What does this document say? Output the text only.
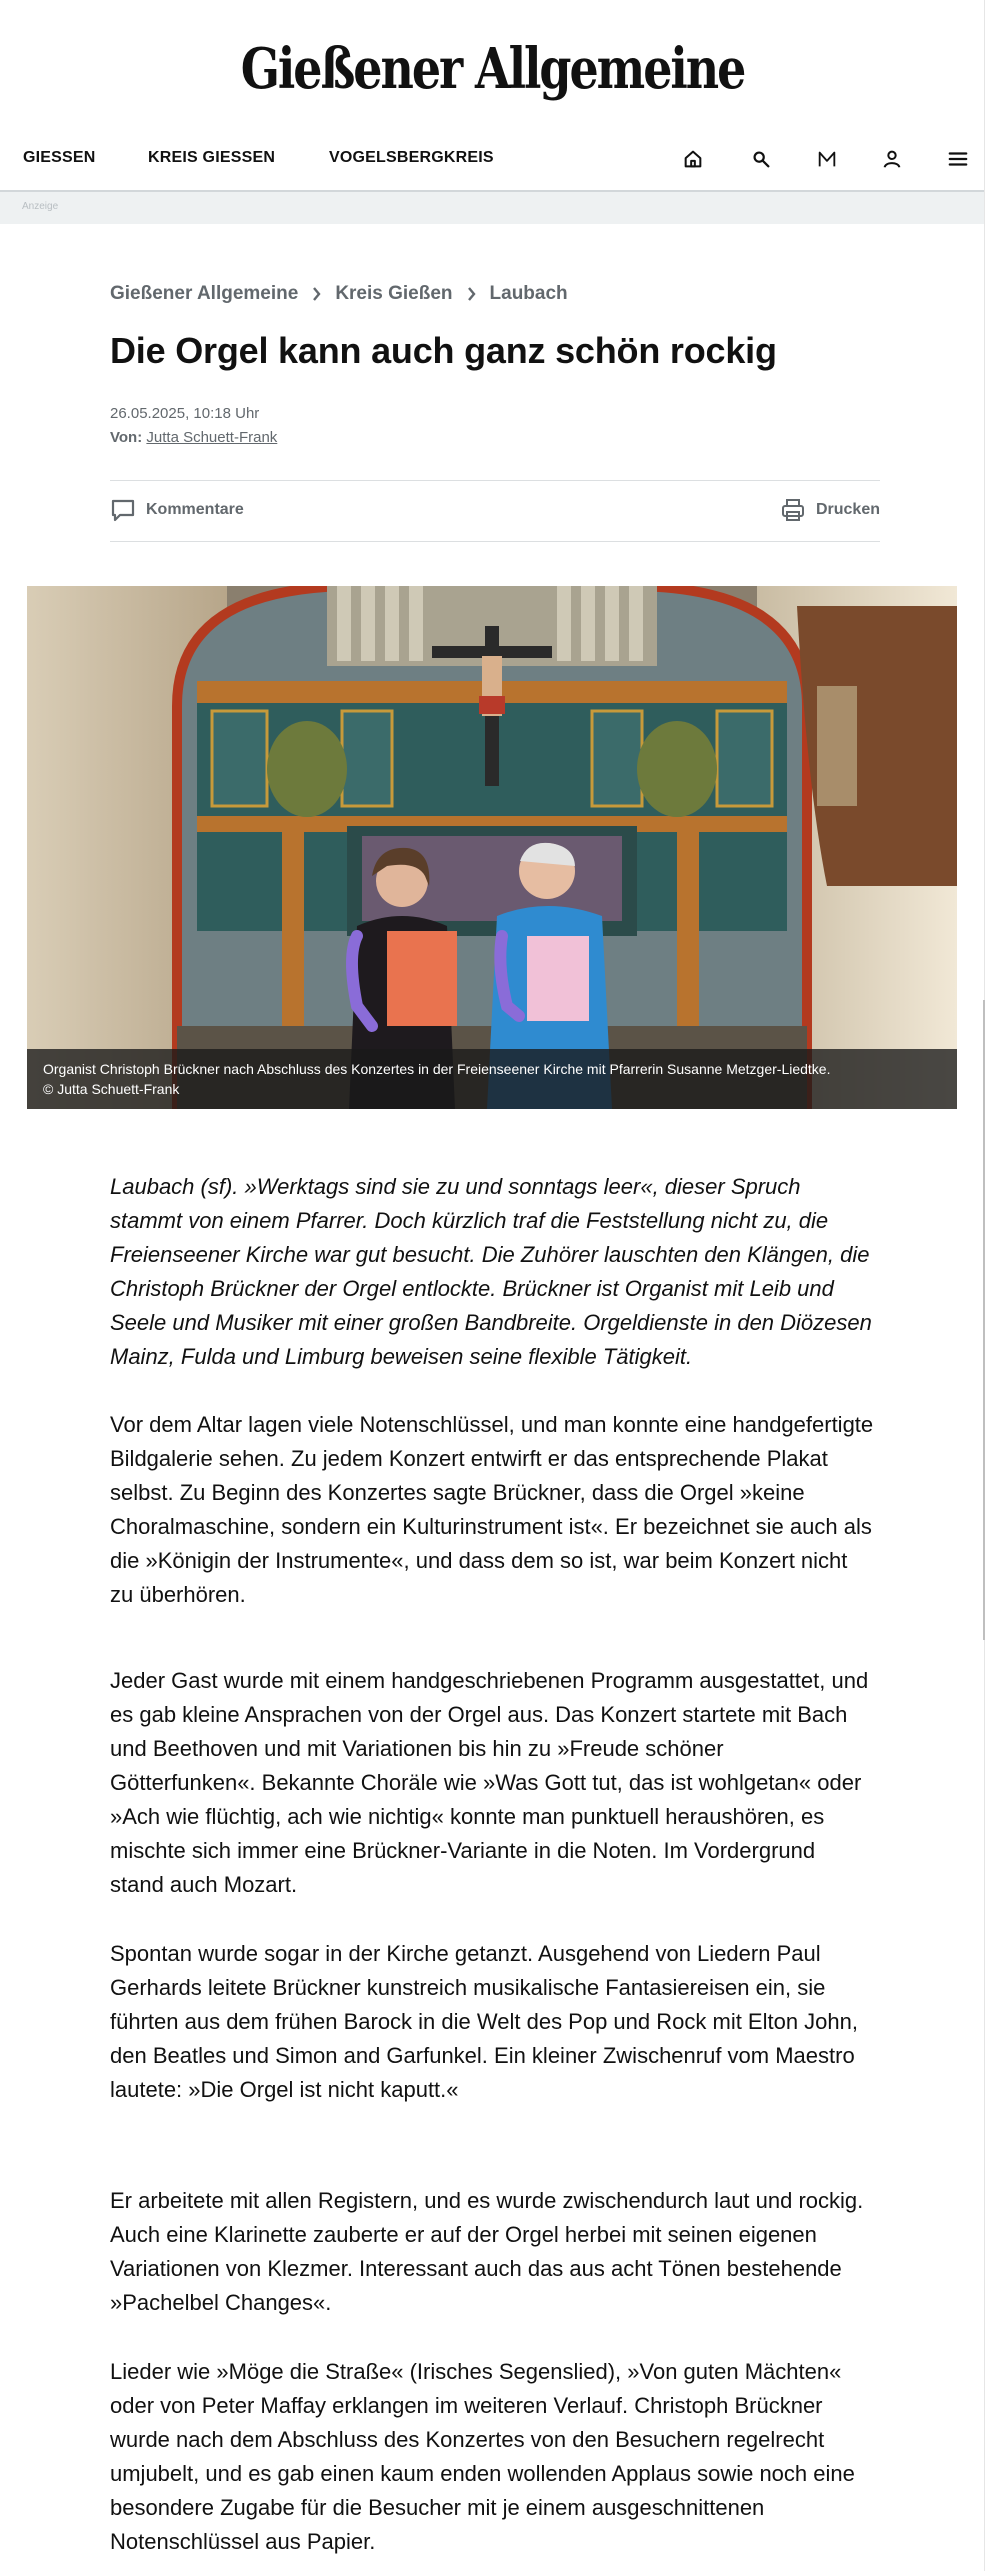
Gießener Allgemeine
GIESSEN	KREIS GIESSEN	VOGELSBERGKREIS
Anzeige
Gießener Allgemeine Kreis Gießen Laubach
Die Orgel kann auch ganz schön rockig
26.05.2025, 10:18 Uhr
Von: Jutta Schuett-Frank
Kommentare	Drucken
Organist Christoph Brückner nach Abschluss des Konzertes in der Freienseener Kirche mit Pfarrerin Susanne Metzger-Liedtke.
© Jutta Schuett-Frank

Laubach (sf). »Werktags sind sie zu und sonntags leer«, dieser Spruch stammt von einem Pfarrer. Doch kürzlich traf die Feststellung nicht zu, die Freienseener Kirche war gut besucht. Die Zuhörer lauschten den Klängen, die Christoph Brückner der Orgel entlockte. Brückner ist Organist mit Leib und Seele und Musiker mit einer großen Bandbreite. Orgeldienste in den Diözesen Mainz, Fulda und Limburg beweisen seine flexible Tätigkeit.

Vor dem Altar lagen viele Notenschlüssel, und man konnte eine handgefertigte Bildgalerie sehen. Zu jedem Konzert entwirft er das entsprechende Plakat selbst. Zu Beginn des Konzertes sagte Brückner, dass die Orgel »keine Choralmaschine, sondern ein Kulturinstrument ist«. Er bezeichnet sie auch als die »Königin der Instrumente«, und dass dem so ist, war beim Konzert nicht zu überhören.

Jeder Gast wurde mit einem handgeschriebenen Programm ausgestattet, und es gab kleine Ansprachen von der Orgel aus. Das Konzert startete mit Bach und Beethoven und mit Variationen bis hin zu »Freude schöner Götterfunken«. Bekannte Choräle wie »Was Gott tut, das ist wohlgetan« oder »Ach wie flüchtig, ach wie nichtig« konnte man punktuell heraushören, es mischte sich immer eine Brückner-Variante in die Noten. Im Vordergrund stand auch Mozart.

Spontan wurde sogar in der Kirche getanzt. Ausgehend von Liedern Paul Gerhards leitete Brückner kunstreich musikalische Fantasiereisen ein, sie führten aus dem frühen Barock in die Welt des Pop und Rock mit Elton John, den Beatles und Simon and Garfunkel. Ein kleiner Zwischenruf vom Maestro lautete: »Die Orgel ist nicht kaputt.«

Er arbeitete mit allen Registern, und es wurde zwischendurch laut und rockig. Auch eine Klarinette zauberte er auf der Orgel herbei mit seinen eigenen Variationen von Klezmer. Interessant auch das aus acht Tönen bestehende »Pachelbel Changes«.

Lieder wie »Möge die Straße« (Irisches Segenslied), »Von guten Mächten« oder von Peter Maffay erklangen im weiteren Verlauf. Christoph Brückner wurde nach dem Abschluss des Konzertes von den Besuchern regelrecht umjubelt, und es gab einen kaum enden wollenden Applaus sowie noch eine besondere Zugabe für die Besucher mit je einem ausgeschnittenen Notenschlüssel aus Papier.
